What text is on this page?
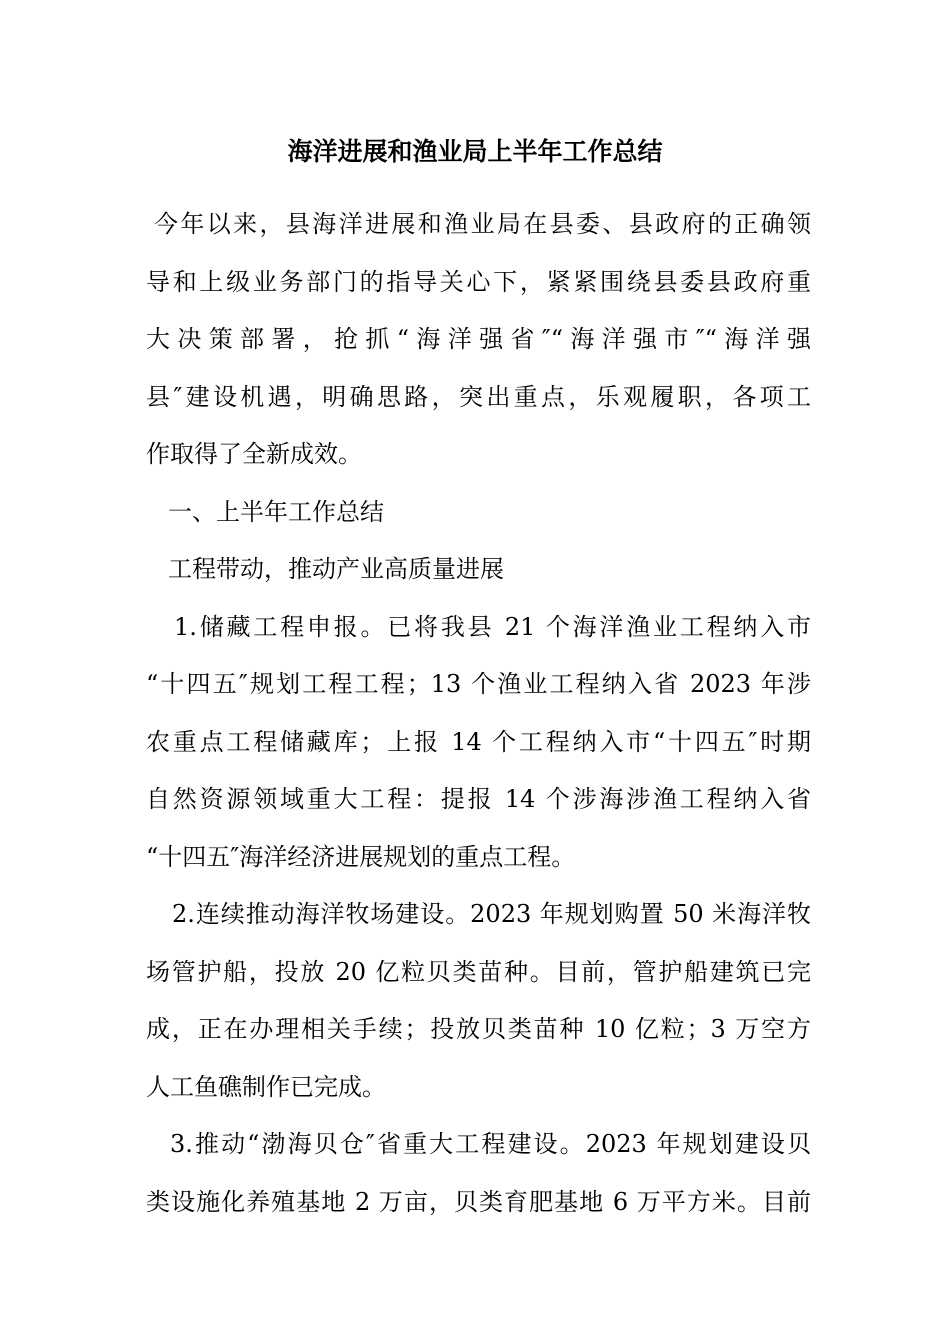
海洋进展和渔业局上半年工作总结
今年以来，县海洋进展和渔业局在县委、县政府的正确领
导和上级业务部门的指导关心下，紧紧围绕县委县政府重
大决策部署，抢抓“海洋强省″“海洋强市″“海洋强
县″建设机遇，明确思路，突出重点，乐观履职，各项工
作取得了全新成效。
一、上半年工作总结
工程带动，推动产业高质量进展
1.储藏工程申报。已将我县 21 个海洋渔业工程纳入市
“十四五″规划工程工程；13 个渔业工程纳入省 2023 年涉
农重点工程储藏库；上报 14 个工程纳入市“十四五″时期
自然资源领域重大工程：提报 14 个涉海涉渔工程纳入省
“十四五″海洋经济进展规划的重点工程。
2.连续推动海洋牧场建设。2023 年规划购置 50 米海洋牧
场管护船，投放 20 亿粒贝类苗种。目前，管护船建筑已完
成，正在办理相关手续；投放贝类苗种 10 亿粒；3 万空方
人工鱼礁制作已完成。
3.推动“渤海贝仓″省重大工程建设。2023 年规划建设贝
类设施化养殖基地 2 万亩，贝类育肥基地 6 万平方米。目前
